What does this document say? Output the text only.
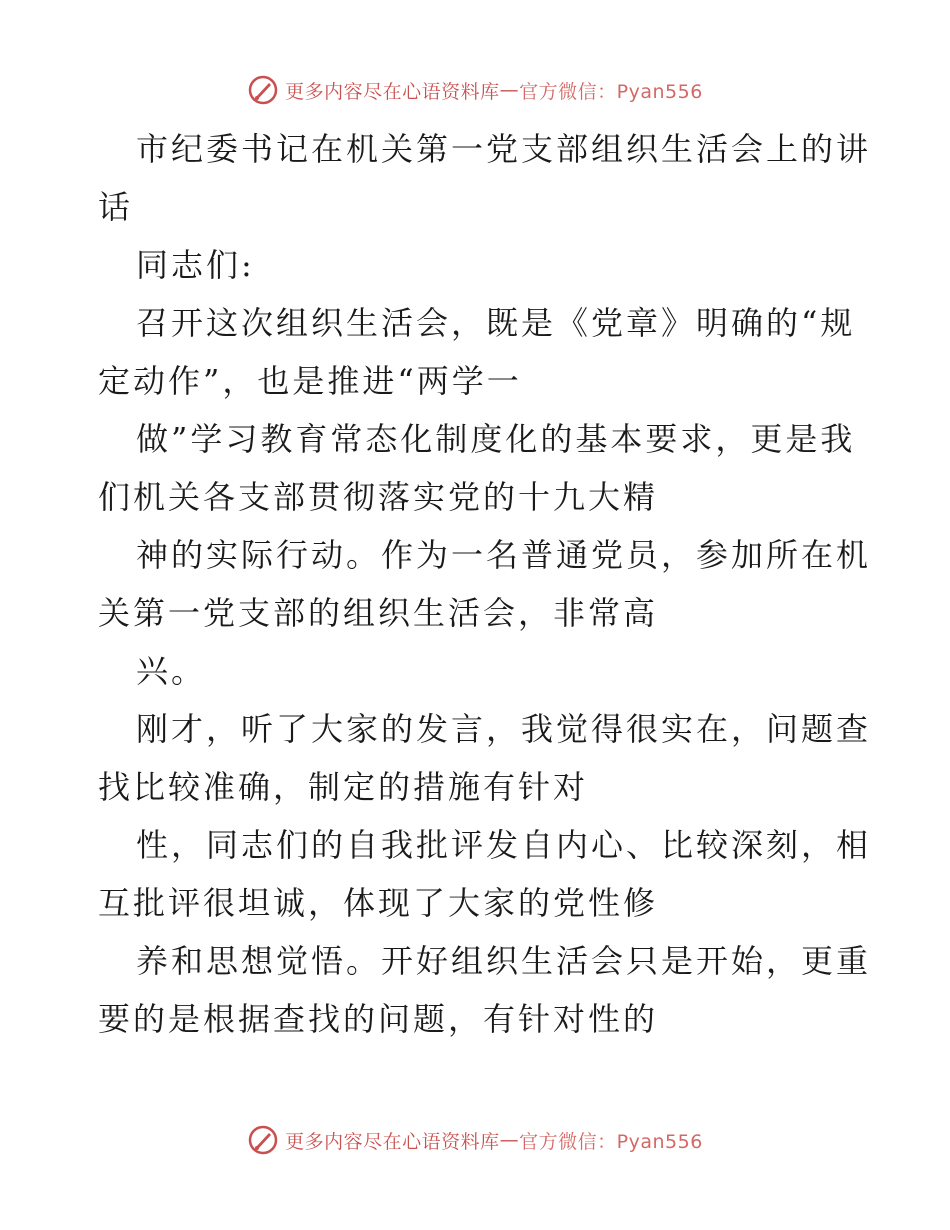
更多内容尽在心语资料库 — 官方微信：Pyan556
市纪委书记在机关第一党支部组织生活会上的讲
话
同志们:
召开这次组织生活会，既是《党章》明确的“规
定动作”，也是推进“两学一
做”学习教育常态化制度化的基本要求，更是我
们机关各支部贯彻落实党的十九大精
神的实际行动。作为一名普通党员，参加所在机
关第一党支部的组织生活会，非常高
兴。
刚才，听了大家的发言，我觉得很实在，问题查
找比较准确，制定的措施有针对
性，同志们的自我批评发自内心、比较深刻，相
互批评很坦诚，体现了大家的党性修
养和思想觉悟。开好组织生活会只是开始，更重
要的是根据查找的问题，有针对性的
更多内容尽在心语资料库 — 官方微信：Pyan556
